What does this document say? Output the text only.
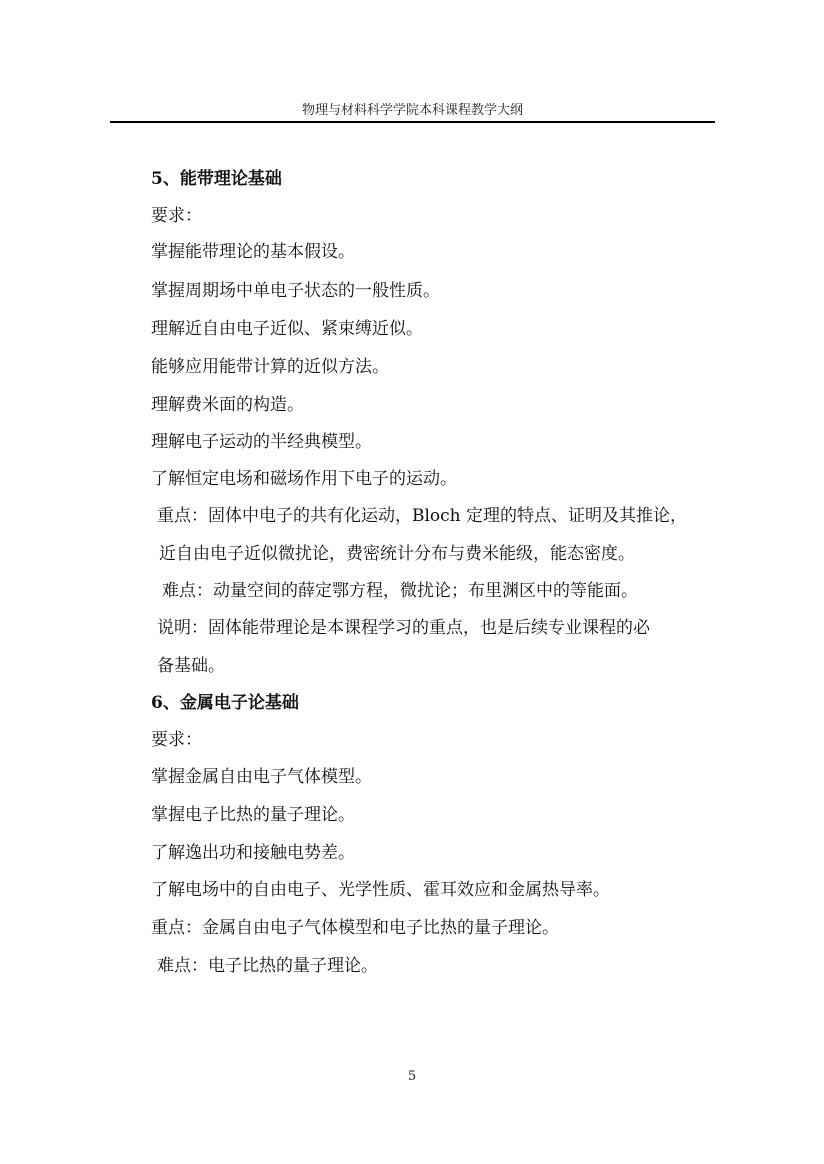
物理与材料科学学院本科课程教学大纲
5、能带理论基础
要求：
掌握能带理论的基本假设。
掌握周期场中单电子状态的一般性质。
理解近自由电子近似、紧束缚近似。
能够应用能带计算的近似方法。
理解费米面的构造。
理解电子运动的半经典模型。
了解恒定电场和磁场作用下电子的运动。
重点：固体中电子的共有化运动，Bloch 定理的特点、证明及其推论，
近自由电子近似微扰论，费密统计分布与费米能级，能态密度。
难点：动量空间的薛定鄂方程，微扰论；布里渊区中的等能面。
说明：固体能带理论是本课程学习的重点，也是后续专业课程的必
备基础。
6、金属电子论基础
要求：
掌握金属自由电子气体模型。
掌握电子比热的量子理论。
了解逸出功和接触电势差。
了解电场中的自由电子、光学性质、霍耳效应和金属热导率。
重点：金属自由电子气体模型和电子比热的量子理论。
难点：电子比热的量子理论。
5
